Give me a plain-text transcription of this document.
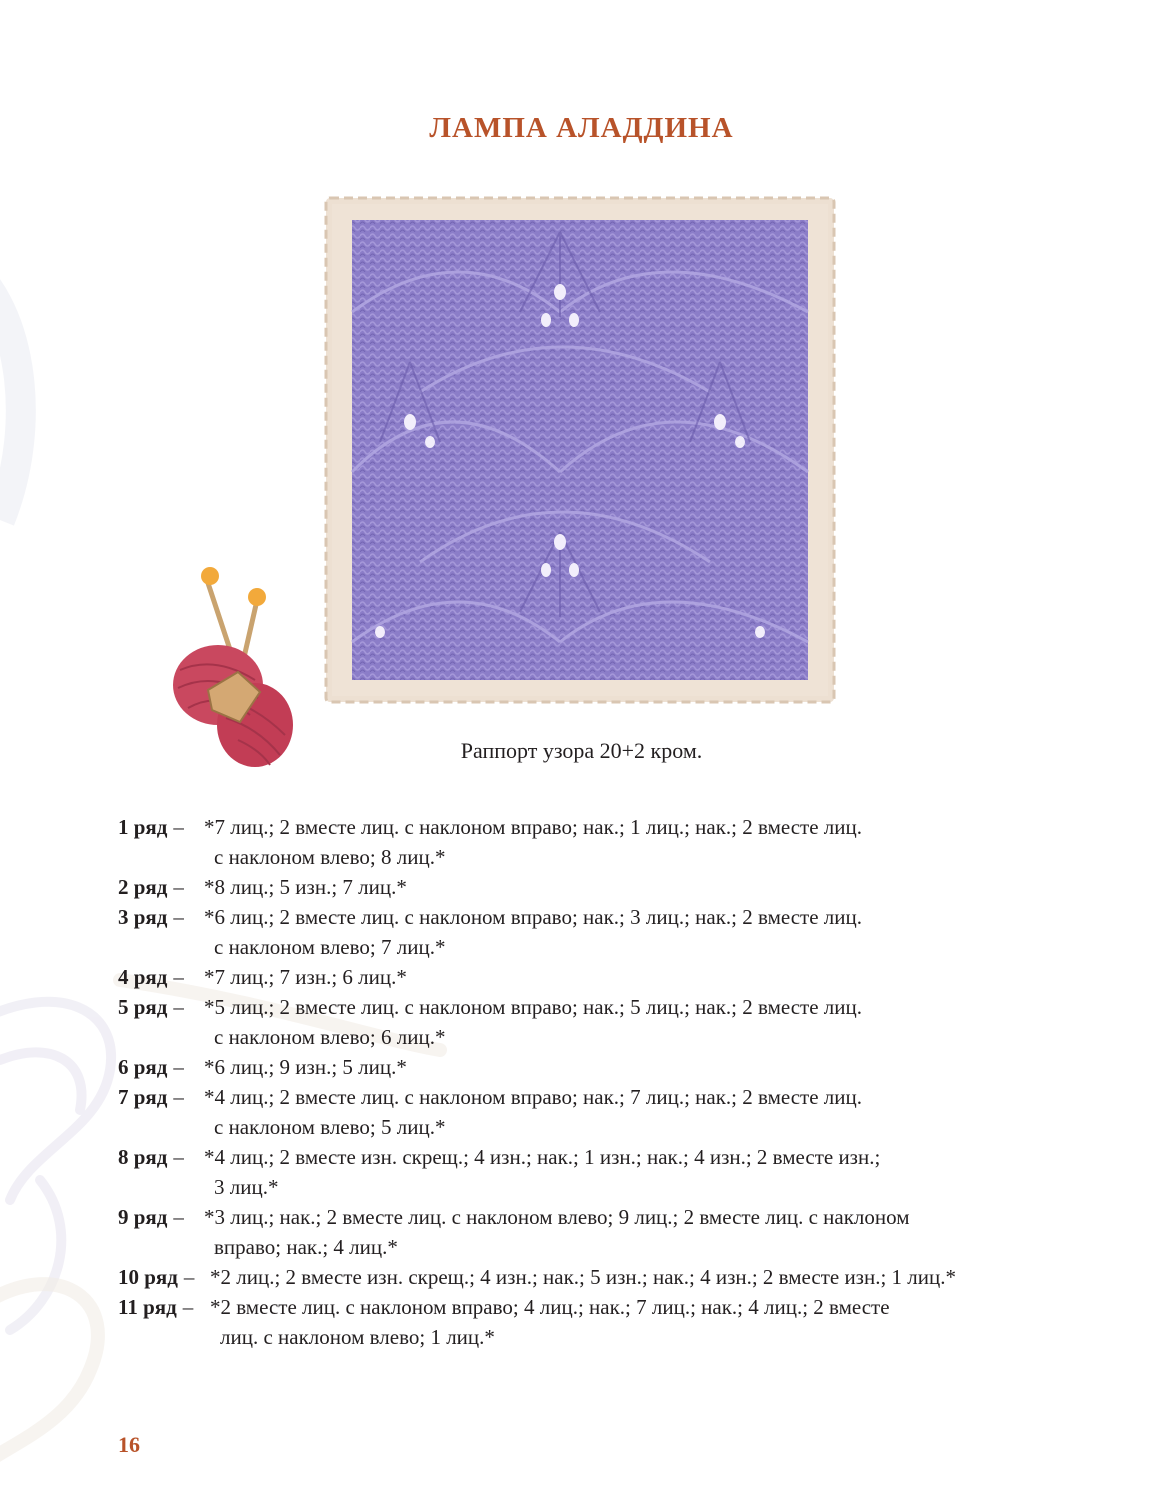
ЛАМПА АЛАДДИНА
Раппорт узора 20+2 кром.
1 ряд – *7 лиц.; 2 вместе лиц. с наклоном вправо; нак.; 1 лиц.; нак.; 2 вместе лиц.
с наклоном влево; 8 лиц.*
2 ряд – *8 лиц.; 5 изн.; 7 лиц.*
3 ряд – *6 лиц.; 2 вместе лиц. с наклоном вправо; нак.; 3 лиц.; нак.; 2 вместе лиц.
с наклоном влево; 7 лиц.*
4 ряд – *7 лиц.; 7 изн.; 6 лиц.*
5 ряд – *5 лиц.; 2 вместе лиц. с наклоном вправо; нак.; 5 лиц.; нак.; 2 вместе лиц.
с наклоном влево; 6 лиц.*
6 ряд – *6 лиц.; 9 изн.; 5 лиц.*
7 ряд – *4 лиц.; 2 вместе лиц. с наклоном вправо; нак.; 7 лиц.; нак.; 2 вместе лиц.
с наклоном влево; 5 лиц.*
8 ряд – *4 лиц.; 2 вместе изн. скрещ.; 4 изн.; нак.; 1 изн.; нак.; 4 изн.; 2 вместе изн.;
3 лиц.*
9 ряд – *3 лиц.; нак.; 2 вместе лиц. с наклоном влево; 9 лиц.; 2 вместе лиц. с наклоном
вправо; нак.; 4 лиц.*
10 ряд – *2 лиц.; 2 вместе изн. скрещ.; 4 изн.; нак.; 5 изн.; нак.; 4 изн.; 2 вместе изн.; 1 лиц.*
11 ряд – *2 вместе лиц. с наклоном вправо; 4 лиц.; нак.; 7 лиц.; нак.; 4 лиц.; 2 вместе
лиц. с наклоном влево; 1 лиц.*
16
